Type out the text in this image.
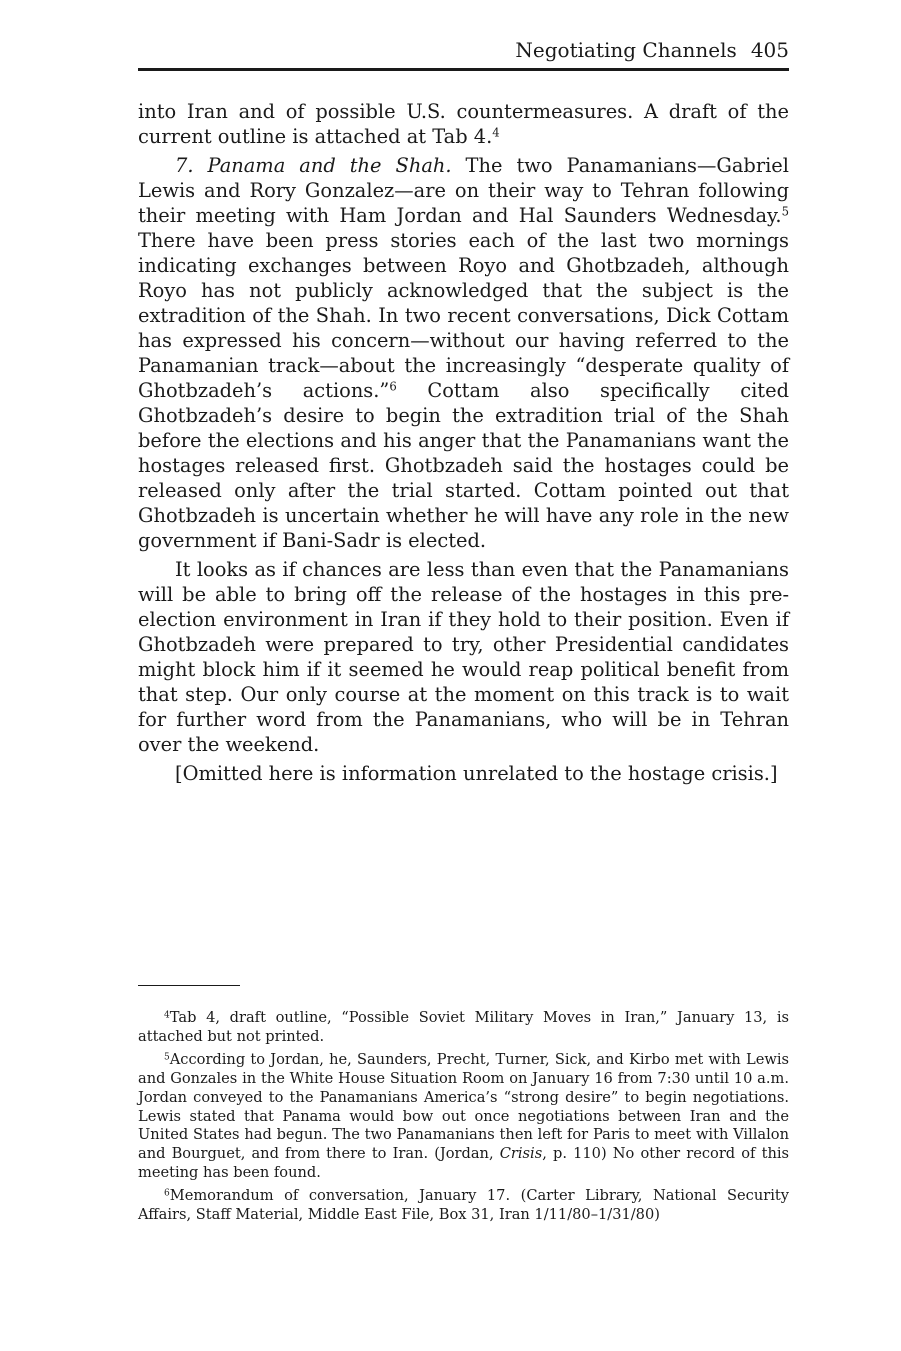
Negotiating Channels 405

into Iran and of possible U.S. countermeasures. A draft of the current outline is attached at Tab 4.$^4$

7. Panama and the Shah. The two Panamanians—Gabriel Lewis and Rory Gonzalez—are on their way to Tehran following their meeting with Ham Jordan and Hal Saunders Wednesday.$^5$ There have been press stories each of the last two mornings indicating exchanges between Royo and Ghotbzadeh, although Royo has not publicly acknowledged that the subject is the extradition of the Shah. In two recent conversations, Dick Cottam has expressed his concern—without our having referred to the Panamanian track—about the increasingly “desperate quality of Ghotbzadeh’s actions.”$^6$ Cottam also specifically cited Ghotbzadeh’s desire to begin the extradition trial of the Shah before the elections and his anger that the Panamanians want the hostages released first. Ghotbzadeh said the hostages could be released only after the trial started. Cottam pointed out that Ghotbzadeh is uncertain whether he will have any role in the new government if Bani-Sadr is elected.

It looks as if chances are less than even that the Panamanians will be able to bring off the release of the hostages in this pre-election environment in Iran if they hold to their position. Even if Ghotbzadeh were prepared to try, other Presidential candidates might block him if it seemed he would reap political benefit from that step. Our only course at the moment on this track is to wait for further word from the Panamanians, who will be in Tehran over the weekend.

[Omitted here is information unrelated to the hostage crisis.]

$^4$Tab 4, draft outline, “Possible Soviet Military Moves in Iran,” January 13, is attached but not printed.

$^5$According to Jordan, he, Saunders, Precht, Turner, Sick, and Kirbo met with Lewis and Gonzales in the White House Situation Room on January 16 from 7:30 until 10 a.m. Jordan conveyed to the Panamanians America’s “strong desire” to begin negotiations. Lewis stated that Panama would bow out once negotiations between Iran and the United States had begun. The two Panamanians then left for Paris to meet with Villalon and Bourguet, and from there to Iran. (Jordan, Crisis, p. 110) No other record of this meeting has been found.

$^6$Memorandum of conversation, January 17. (Carter Library, National Security Affairs, Staff Material, Middle East File, Box 31, Iran 1/11/80–1/31/80)
